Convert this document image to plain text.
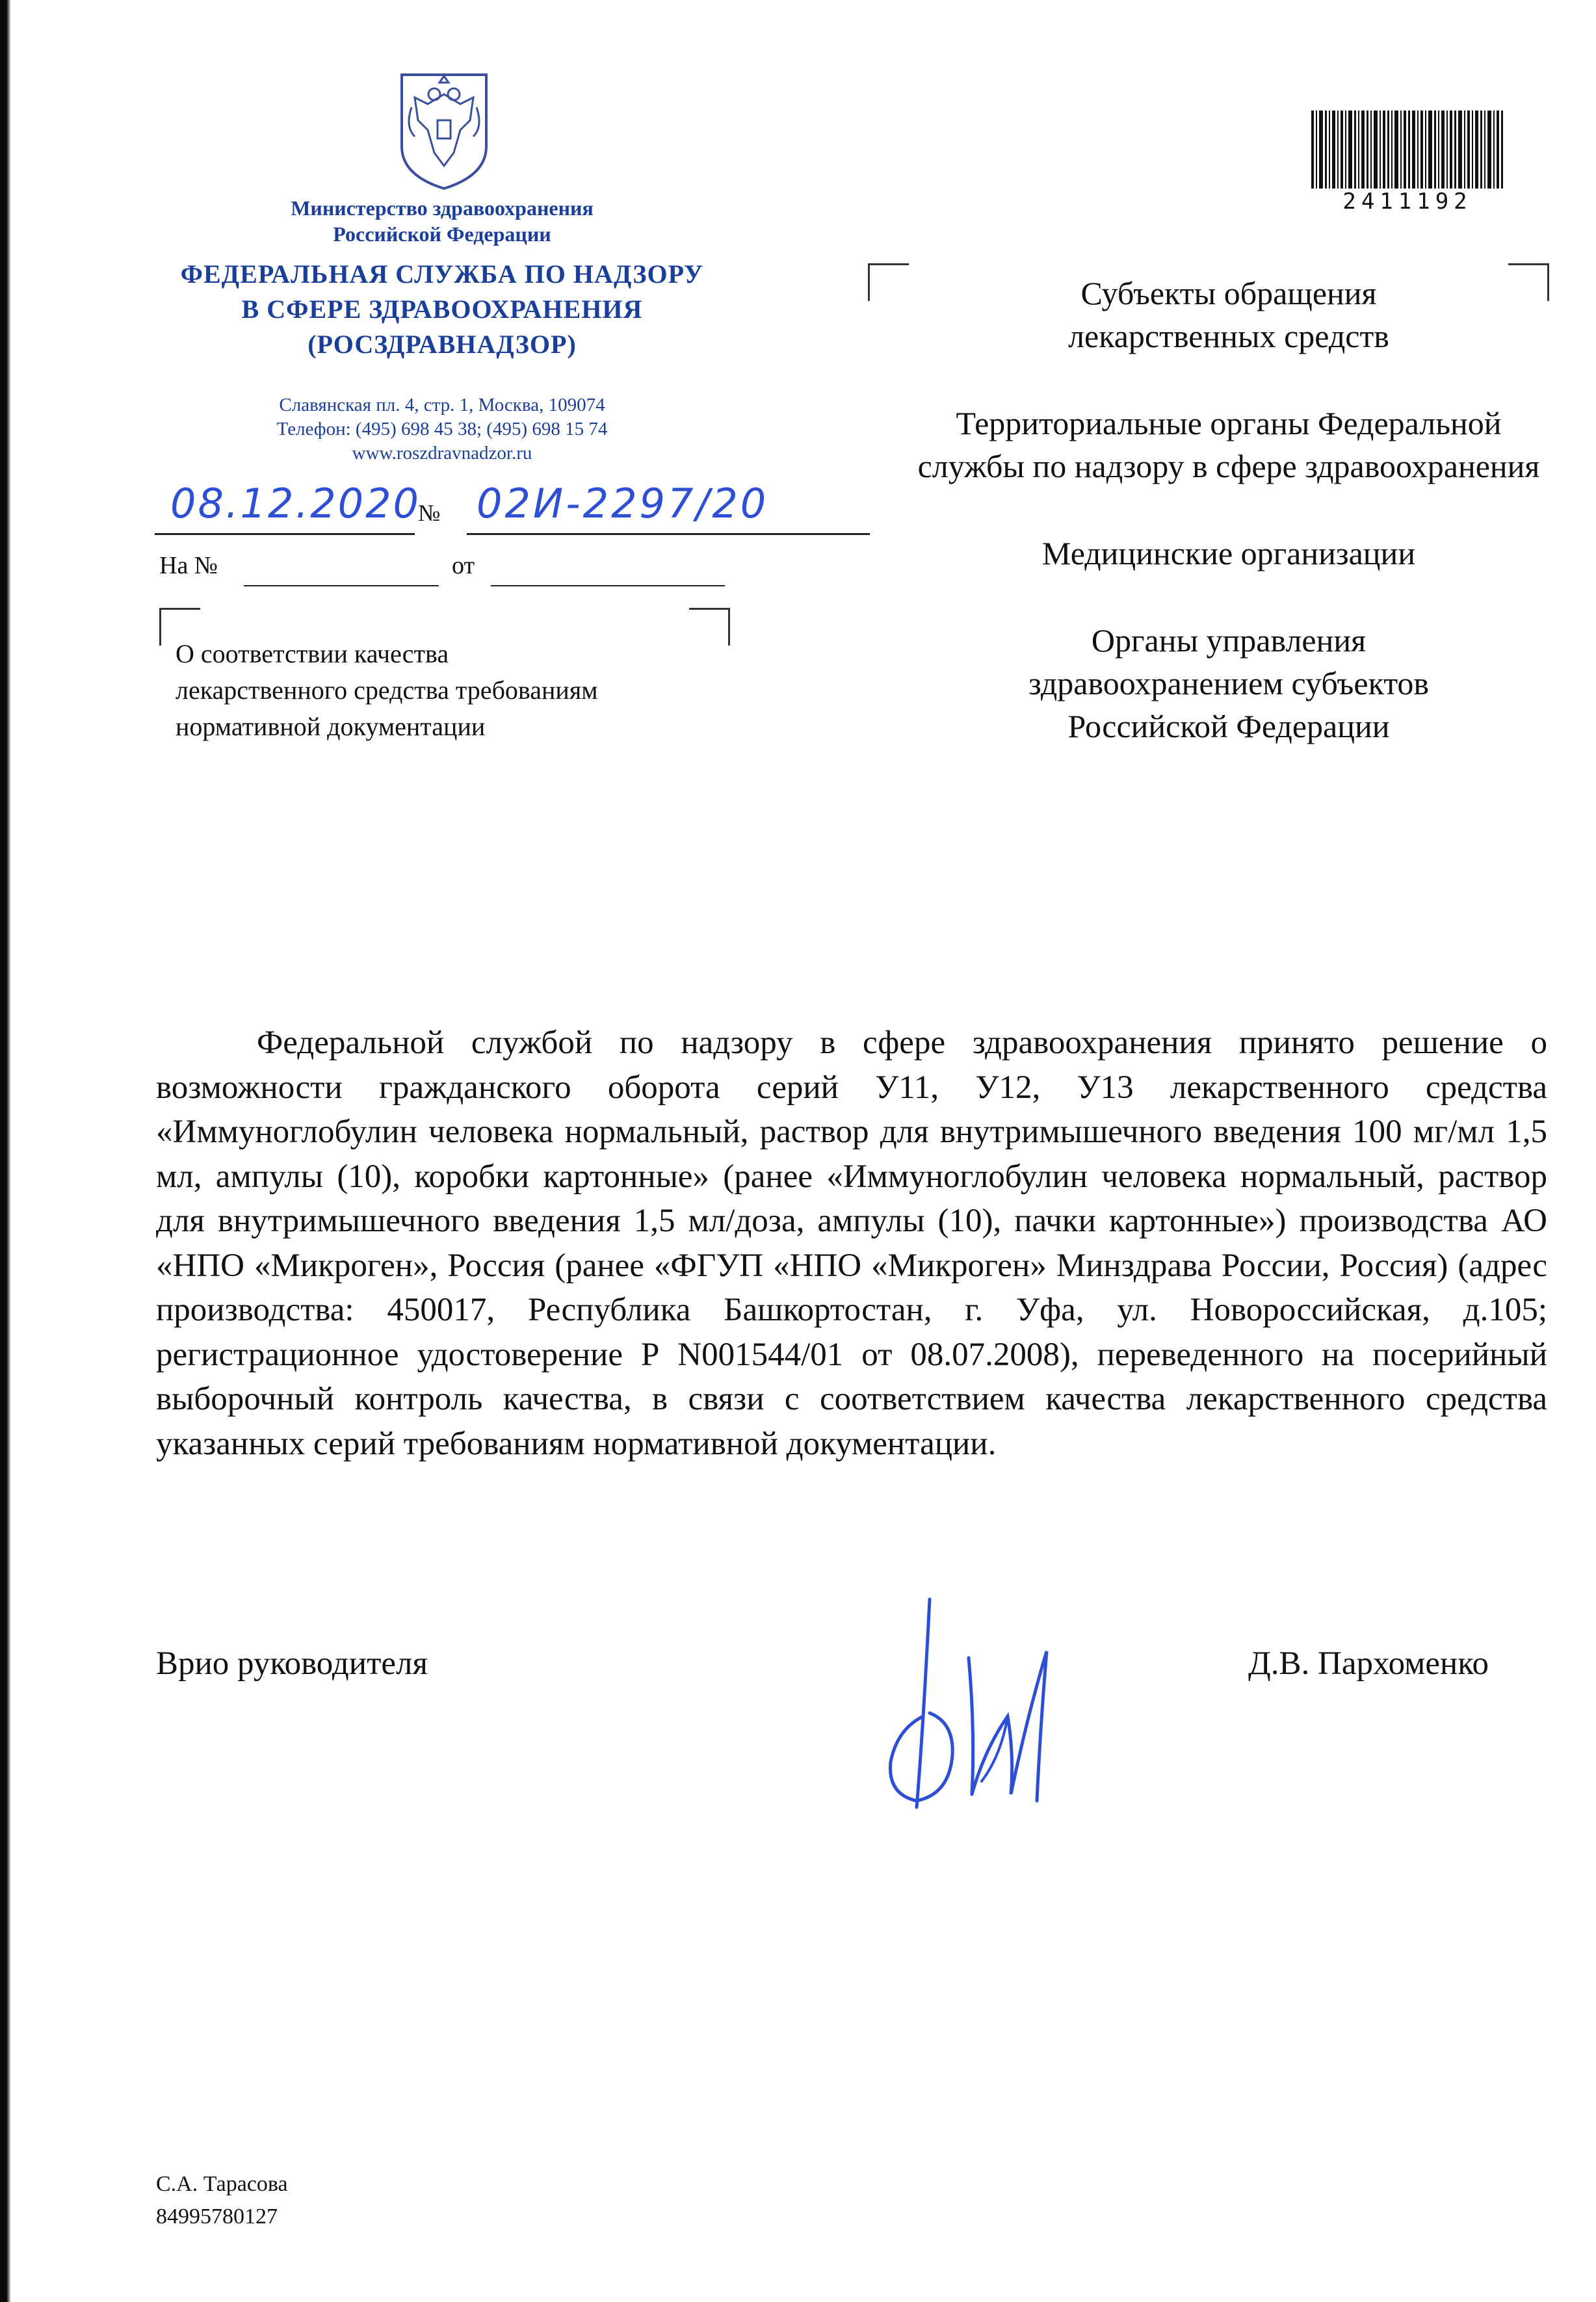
Министерство здравоохранения
Российской Федерации
ФЕДЕРАЛЬНАЯ СЛУЖБА ПО НАДЗОРУ
В СФЕРЕ ЗДРАВООХРАНЕНИЯ
(РОСЗДРАВНАДЗОР)
Славянская пл. 4, стр. 1, Москва, 109074
Телефон: (495) 698 45 38; (495) 698 15 74
www.roszdravnadzor.ru
08.12.2020
№ 02И-2297/20
На №	от
О соответствии качества
лекарственного средства требованиям
нормативной документации
2411192
Субъекты обращения лекарственных средств
Территориальные органы Федеральной службы по надзору в сфере здравоохранения
Медицинские организации
Органы управления здравоохранением субъектов Российской Федерации

Федеральной службой по надзору в сфере здравоохранения принято решение о возможности гражданского оборота серий У11, У12, У13 лекарственного средства «Иммуноглобулин человека нормальный, раствор для внутримышечного введения 100 мг/мл 1,5 мл, ампулы (10), коробки картонные» (ранее «Иммуноглобулин человека нормальный, раствор для внутримышечного введения 1,5 мл/доза, ампулы (10), пачки картонные») производства АО «НПО «Микроген», Россия (ранее «ФГУП «НПО «Микроген» Минздрава России, Россия) (адрес производства: 450017, Республика Башкортостан, г. Уфа, ул. Новороссийская, д.105; регистрационное удостоверение Р N001544/01 от 08.07.2008), переведенного на посерийный выборочный контроль качества, в связи с соответствием качества лекарственного средства указанных серий требованиям нормативной документации.

Врио руководителя	Д.В. Пархоменко
С.А. Тарасова
84995780127
